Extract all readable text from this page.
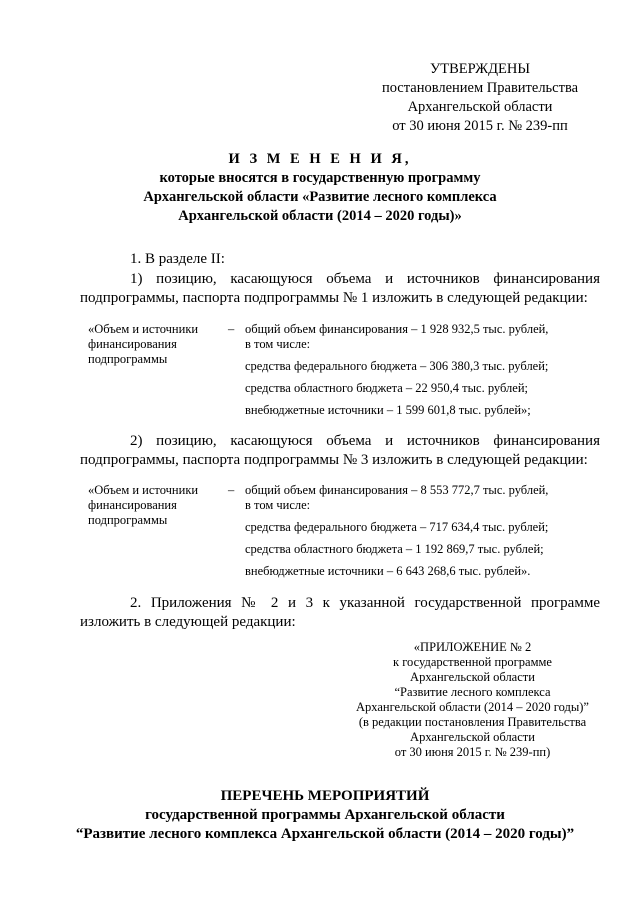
УТВЕРЖДЕНЫ
постановлением Правительства
Архангельской области
от 30 июня 2015 г. № 239-пп
И З М Е Н Е Н И Я,
которые вносятся в государственную программу
Архангельской области «Развитие лесного комплекса
Архангельской области (2014 – 2020 годы)»
1. В разделе II:
1) позицию, касающуюся объема и источников финансирования
подпрограммы, паспорта подпрограммы № 1 изложить в следующей редакции:
«Объем и источники
финансирования
подпрограммы
– общий объем финансирования – 1 928 932,5 тыс. рублей,
в том числе:
средства федерального бюджета – 306 380,3 тыс. рублей;
средства областного бюджета – 22 950,4 тыс. рублей;
внебюджетные источники – 1 599 601,8 тыс. рублей»;
2) позицию, касающуюся объема и источников финансирования
подпрограммы, паспорта подпрограммы № 3 изложить в следующей редакции:
«Объем и источники
финансирования
подпрограммы
– общий объем финансирования – 8 553 772,7 тыс. рублей,
в том числе:
средства федерального бюджета – 717 634,4 тыс. рублей;
средства областного бюджета – 1 192 869,7 тыс. рублей;
внебюджетные источники – 6 643 268,6 тыс. рублей».
2. Приложения № 2 и 3 к указанной государственной программе
изложить в следующей редакции:
«ПРИЛОЖЕНИЕ № 2
к государственной программе
Архангельской области
“Развитие лесного комплекса
Архангельской области (2014 – 2020 годы)”
(в редакции постановления Правительства
Архангельской области
от 30 июня 2015 г. № 239-пп)
ПЕРЕЧЕНЬ МЕРОПРИЯТИЙ
государственной программы Архангельской области
“Развитие лесного комплекса Архангельской области (2014 – 2020 годы)”
